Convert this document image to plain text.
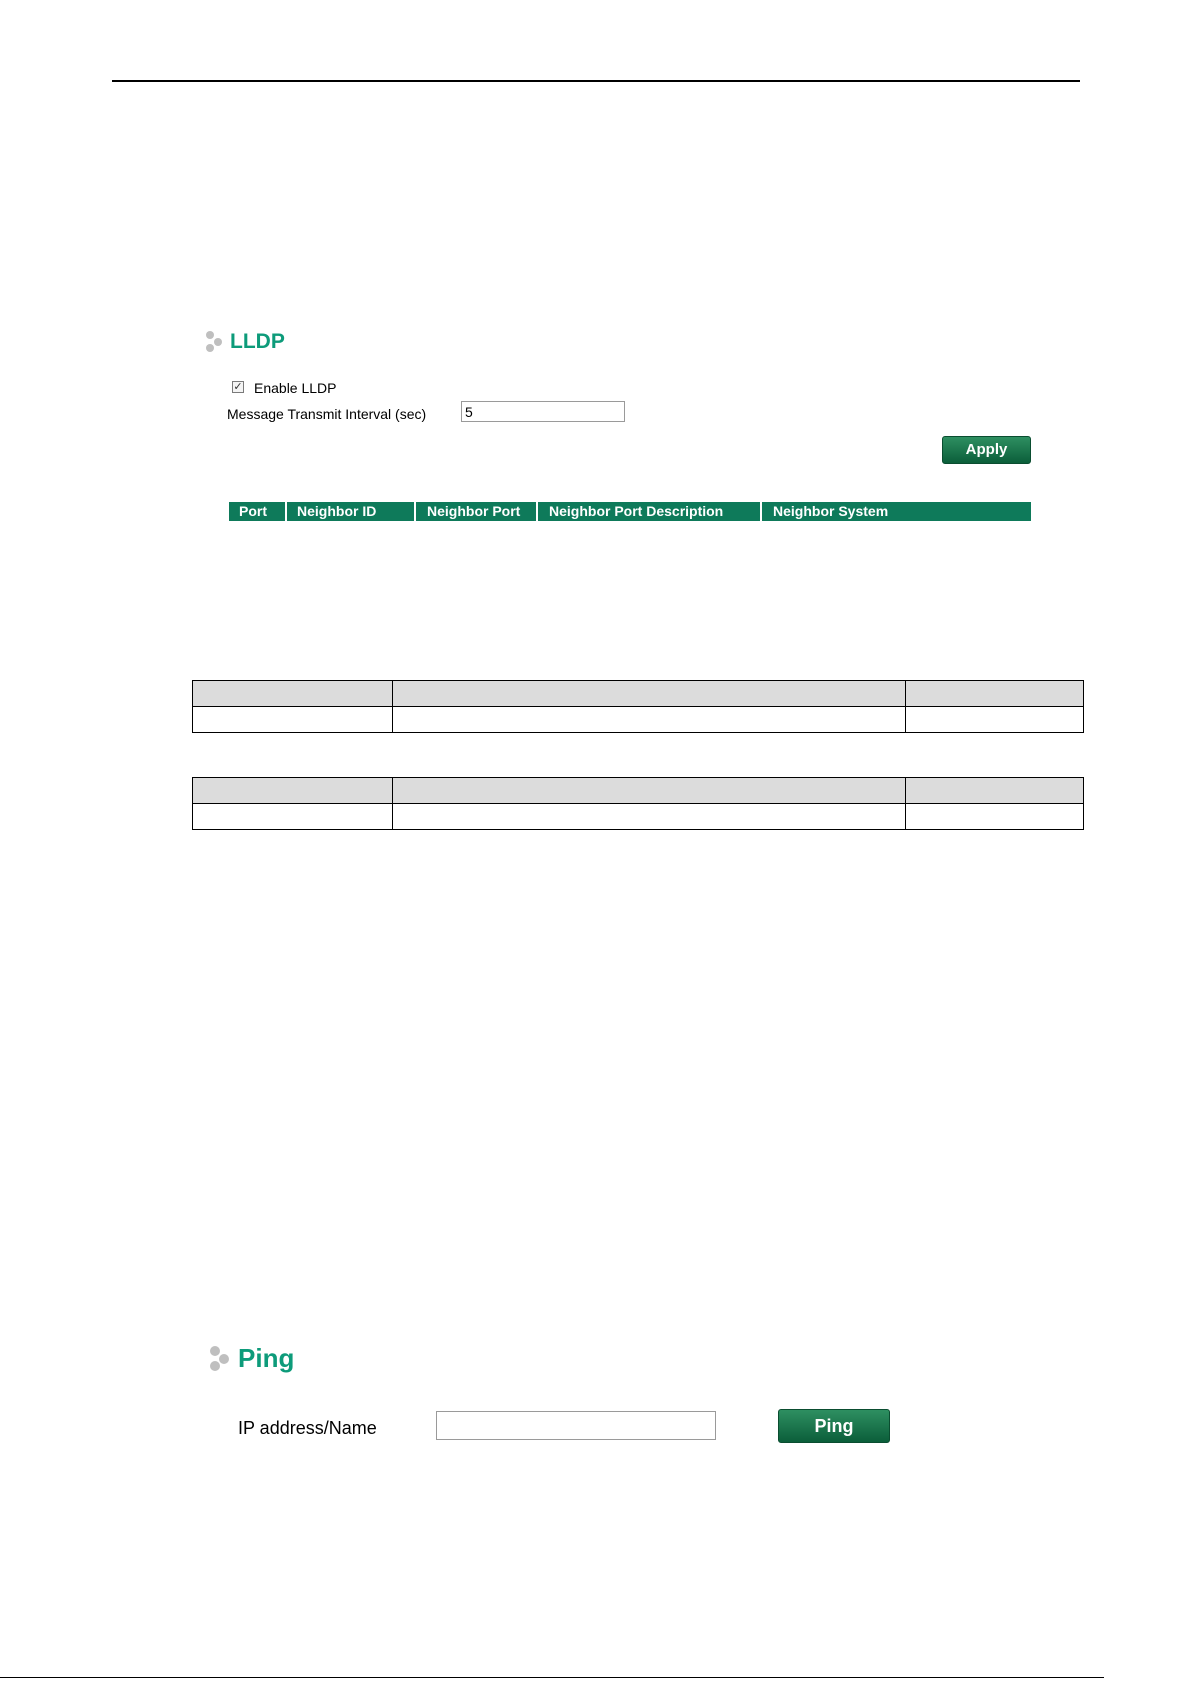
LLDP
✓ Enable LLDP
Message Transmit Interval (sec)
5
Apply
Port	Neighbor ID	Neighbor Port	Neighbor Port Description	Neighbor System

Ping
IP address/Name	Ping
